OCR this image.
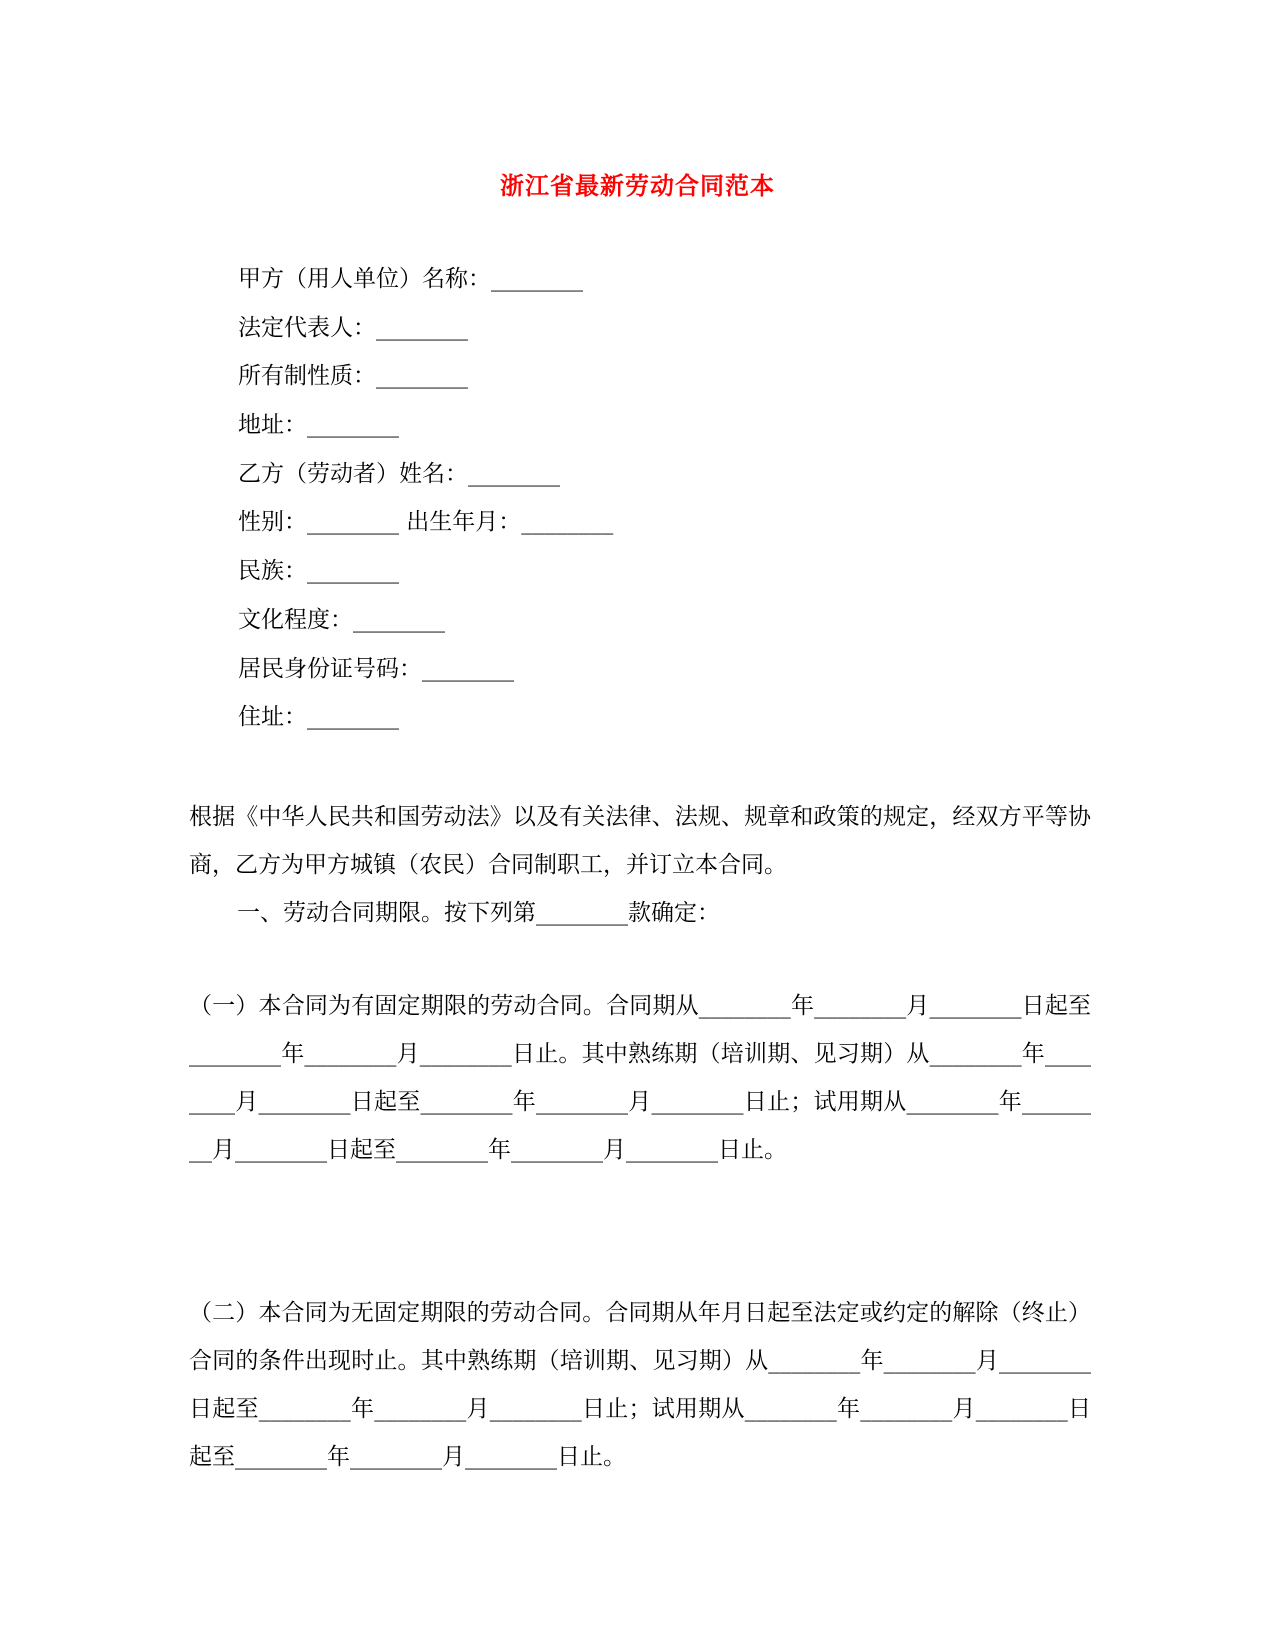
浙江省最新劳动合同范本
甲方（用人单位）名称：________
法定代表人：________
所有制性质：________
地址：________
乙方（劳动者）姓名：________
性别：________ 出生年月：________
民族：________
文化程度：________
居民身份证号码：________
住址：________

根据《中华人民共和国劳动法》以及有关法律、法规、规章和政策的规定，经双方平等协商，乙方为甲方城镇（农民）合同制职工，并订立本合同。

一、劳动合同期限。按下列第________款确定：

（一）本合同为有固定期限的劳动合同。合同期从________年________月________日起至________年________月________日止。其中熟练期（培训期、见习期）从________年________月________日起至________年________月________日止；试用期从________年________月________日起至________年________月________日止。

（二）本合同为无固定期限的劳动合同。合同期从年月日起至法定或约定的解除（终止）合同的条件出现时止。其中熟练期（培训期、见习期）从________年________月________日起至________年________月________日止；试用期从________年________月________日起至________年________月________日止。
